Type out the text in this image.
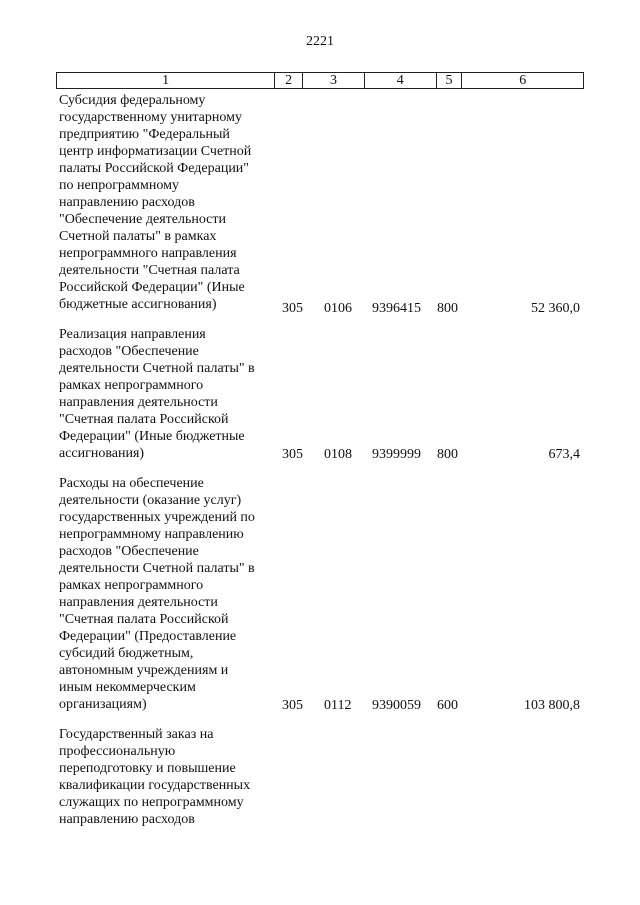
2221
1	2	3	4	5	6
Субсидия федеральному
государственному унитарному
предприятию "Федеральный
центр информатизации Счетной
палаты Российской Федерации"
по непрограммному
направлению расходов
"Обеспечение деятельности
Счетной палаты" в рамках
непрограммного направления
деятельности "Счетная палата
Российской Федерации" (Иные
бюджетные ассигнования)	305 0106 9396415 800	52 360,0
Реализация направления
расходов "Обеспечение
деятельности Счетной палаты" в
рамках непрограммного
направления деятельности
"Счетная палата Российской
Федерации" (Иные бюджетные
ассигнования)	305 0108 9399999 800	673,4
Расходы на обеспечение
деятельности (оказание услуг)
государственных учреждений по
непрограммному направлению
расходов "Обеспечение
деятельности Счетной палаты" в
рамках непрограммного
направления деятельности
"Счетная палата Российской
Федерации" (Предоставление
субсидий бюджетным,
автономным учреждениям и
иным некоммерческим
организациям)	305 0112 9390059 600	103 800,8
Государственный заказ на
профессиональную
переподготовку и повышение
квалификации государственных
служащих по непрограммному
направлению расходов
